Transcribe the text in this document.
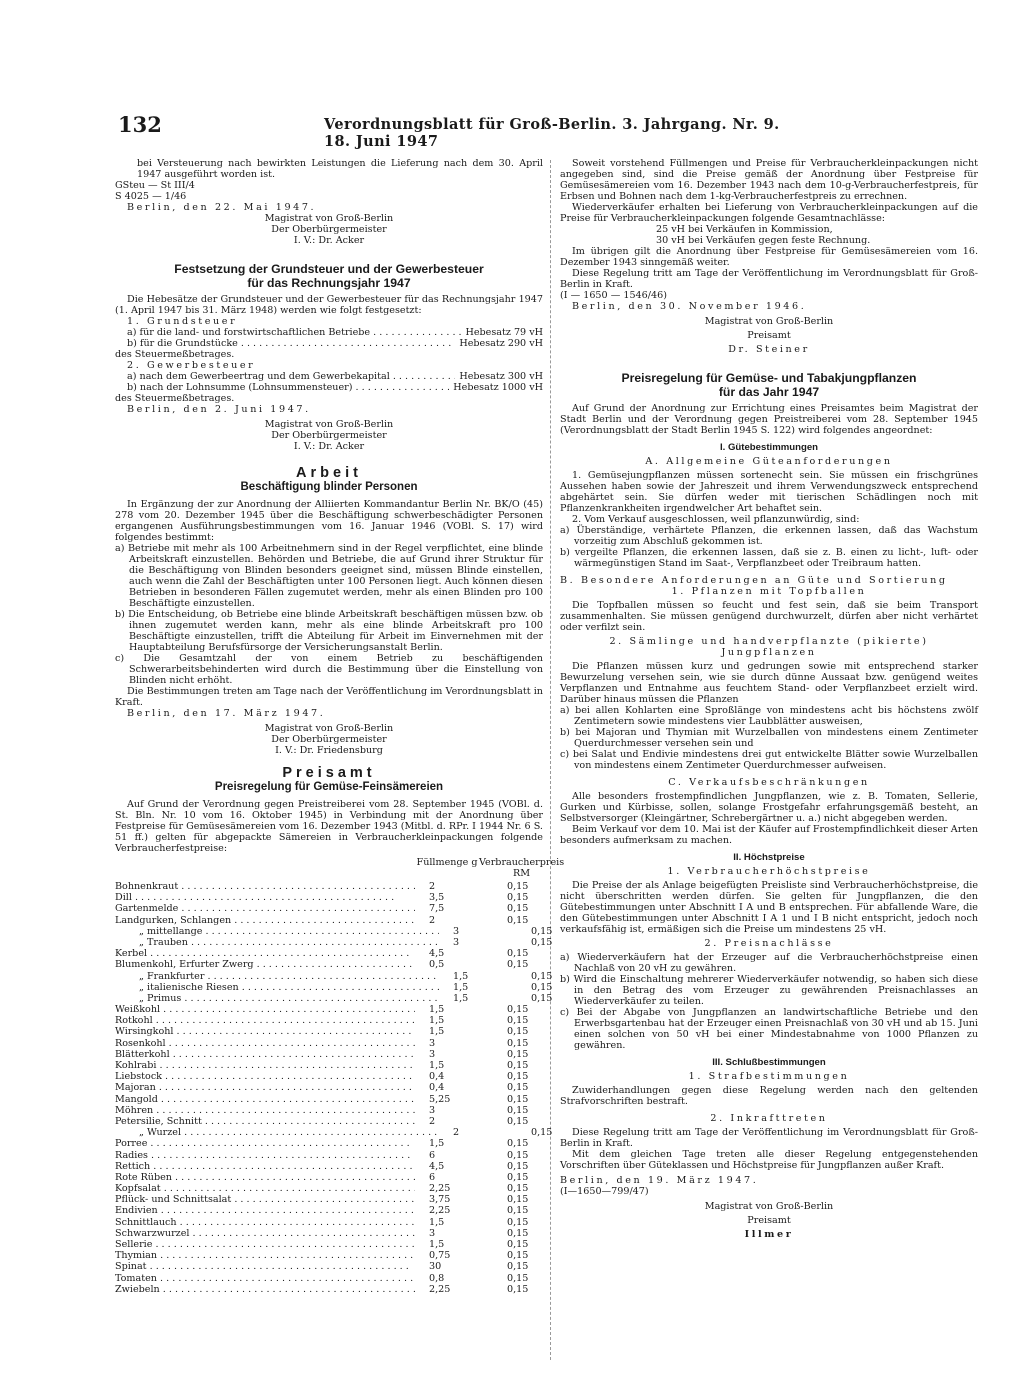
132	Verordnungsblatt für Groß-Berlin. 3. Jahrgang. Nr. 9. 18. Juni 1947

bei Versteuerung nach bewirkten Leistungen die Lieferung nach dem 30. April 1947 ausgeführt worden ist.

GSteu — St III/4

S 4025 — 1/46

Berlin, den 22. Mai 1947.

Magistrat von Groß-Berlin

Der Oberbürgermeister

I. V.: Dr. Acker

Festsetzung der Grundsteuer und der Gewerbesteuer

für das Rechnungsjahr 1947

Die Hebesätze der Grundsteuer und der Gewerbesteuer für das Rechnungsjahr 1947 (1. April 1947 bis 31. März 1948) werden wie folgt festgesetzt:

1. Grundsteuer

a) für die land- und forstwirtschaftlichen Betriebe . . .	Hebesatz 79 vH
b) für die Grundstücke . . .	Hebesatz 290 vH

des Steuermeßbetrages.

2. Gewerbesteuer

a) nach dem Gewerbeertrag und dem Gewerbekapital . . .	Hebesatz 300 vH
b) nach der Lohnsumme (Lohnsummensteuer) . . .	Hebesatz 1000 vH

des Steuermeßbetrages.

Berlin, den 2. Juni 1947.

Magistrat von Groß-Berlin

Der Oberbürgermeister

I. V.: Dr. Acker

Arbeit

Beschäftigung blinder Personen

In Ergänzung der zur Anordnung der Alliierten Kommandantur Berlin Nr. BK/O (45) 278 vom 20. Dezember 1945 über die Beschäftigung schwerbeschädigter Personen ergangenen Ausführungsbestimmungen vom 16. Januar 1946 (VOBl. S. 17) wird folgendes bestimmt:

a) Betriebe mit mehr als 100 Arbeitnehmern sind in der Regel verpflichtet, eine blinde Arbeitskraft einzustellen. Behörden und Betriebe, die auf Grund ihrer Struktur für die Beschäftigung von Blinden besonders geeignet sind, müssen Blinde einstellen, auch wenn die Zahl der Beschäftigten unter 100 Personen liegt. Auch können diesen Betrieben in besonderen Fällen zugemutet werden, mehr als einen Blinden pro 100 Beschäftigte einzustellen.

b) Die Entscheidung, ob Betriebe eine blinde Arbeitskraft beschäftigen müssen bzw. ob ihnen zugemutet werden kann, mehr als eine blinde Arbeitskraft pro 100 Beschäftigte einzustellen, trifft die Abteilung für Arbeit im Einvernehmen mit der Hauptabteilung Berufsfürsorge der Versicherungsanstalt Berlin.

c) Die Gesamtzahl der von einem Betrieb zu beschäftigenden Schwerarbeitsbehinderten wird durch die Bestimmung über die Einstellung von Blinden nicht erhöht.

Die Bestimmungen treten am Tage nach der Veröffentlichung im Verordnungsblatt in Kraft.

Berlin, den 17. März 1947.

Magistrat von Groß-Berlin

Der Oberbürgermeister

I. V.: Dr. Friedensburg

Preisamt

Preisregelung für Gemüse-Feinsämereien

Auf Grund der Verordnung gegen Preistreiberei vom 28. September 1945 (VOBl. d. St. Bln. Nr. 10 vom 16. Oktober 1945) in Verbindung mit der Anordnung über Festpreise für Gemüsesämereien vom 16. Dezember 1943 (Mitbl. d. RPr. I 1944 Nr. 6 S. 51 ff.) gelten für abgepackte Sämereien in Verbraucherkleinpackungen folgende Verbraucherfestpreise:

Füllmenge g Verbraucherpreis RM
Bohnenkraut . . .	2	0,15
Dill . . .	3,5	0,15
Gartenmelde . . .	7,5	0,15
Landgurken, Schlangen . . .	2	0,15
„ mittellange . . .	3	0,15
„ Trauben . . .	3	0,15
Kerbel . . .	4,5	0,15
Blumenkohl, Erfurter Zwerg . . .	0,5	0,15
„ Frankfurter . . .	1,5	0,15
„ italienische Riesen . . .	1,5	0,15
„ Primus . . .	1,5	0,15
Weißkohl . . .	1,5	0,15
Rotkohl . . .	1,5	0,15
Wirsingkohl . . .	1,5	0,15
Rosenkohl . . .	3	0,15
Blätterkohl . . .	3	0,15
Kohlrabi . . .	1,5	0,15
Liebstock . . .	0,4	0,15
Majoran . . .	0,4	0,15
Mangold . . .	5,25	0,15
Möhren . . .	3	0,15
Petersilie, Schnitt . . .	2	0,15
„ Wurzel . . .	2	0,15
Porree . . .	1,5	0,15
Radies . . .	6	0,15
Rettich . . .	4,5	0,15
Rote Rüben . . .	6	0,15
Kopfsalat . . .	2,25	0,15
Pflück- und Schnittsalat . . .	3,75	0,15
Endivien . . .	2,25	0,15
Schnittlauch . . .	1,5	0,15
Schwarzwurzel . . .	3	0,15
Sellerie . . .	1,5	0,15
Thymian . . .	0,75	0,15
Spinat . . .	30	0,15
Tomaten . . .	0,8	0,15
Zwiebeln . . .	2,25	0,15

Soweit vorstehend Füllmengen und Preise für Verbraucherkleinpackungen nicht angegeben sind, sind die Preise gemäß der Anordnung über Festpreise für Gemüsesämereien vom 16. Dezember 1943 nach dem 10-g-Verbraucherfestpreis, für Erbsen und Bohnen nach dem 1-kg-Verbraucherfestpreis zu errechnen.

Wiederverkäufer erhalten bei Lieferung von Verbraucherkleinpackungen auf die Preise für Verbraucherkleinpackungen folgende Gesamtnachlässe:

25 vH bei Verkäufen in Kommission,

30 vH bei Verkäufen gegen feste Rechnung.

Im übrigen gilt die Anordnung über Festpreise für Gemüsesämereien vom 16. Dezember 1943 sinngemäß weiter.

Diese Regelung tritt am Tage der Veröffentlichung im Verordnungsblatt für Groß-Berlin in Kraft.

(I — 1650 — 1546/46)

Berlin, den 30. November 1946.

Magistrat von Groß-Berlin

Preisamt

Dr. Steiner

Preisregelung für Gemüse- und Tabakjungpflanzen

für das Jahr 1947

Auf Grund der Anordnung zur Errichtung eines Preisamtes beim Magistrat der Stadt Berlin und der Verordnung gegen Preistreiberei vom 28. September 1945 (Verordnungsblatt der Stadt Berlin 1945 S. 122) wird folgendes angeordnet:

I. Gütebestimmungen

A. Allgemeine Güteanforderungen

1. Gemüsejungpflanzen müssen sortenecht sein. Sie müssen ein frischgrünes Aussehen haben sowie der Jahreszeit und ihrem Verwendungszweck entsprechend abgehärtet sein. Sie dürfen weder mit tierischen Schädlingen noch mit Pflanzenkrankheiten irgendwelcher Art behaftet sein.

2. Vom Verkauf ausgeschlossen, weil pflanzunwürdig, sind:

a) Überständige, verhärtete Pflanzen, die erkennen lassen, daß das Wachstum vorzeitig zum Abschluß gekommen ist.

b) vergeilte Pflanzen, die erkennen lassen, daß sie z. B. einen zu licht-, luft- oder wärmegünstigen Stand im Saat-, Verpflanzbeet oder Treibraum hatten.

B. Besondere Anforderungen an Güte und Sortierung

1. Pflanzen mit Topfballen

Die Topfballen müssen so feucht und fest sein, daß sie beim Transport zusammenhalten. Sie müssen genügend durchwurzelt, dürfen aber nicht verhärtet oder verfilzt sein.

2. Sämlinge und handverpflanzte (pikierte) Jungpflanzen

Die Pflanzen müssen kurz und gedrungen sowie mit entsprechend starker Bewurzelung versehen sein, wie sie durch dünne Aussaat bzw. genügend weites Verpflanzen und Entnahme aus feuchtem Stand- oder Verpflanzbeet erzielt wird. Darüber hinaus müssen die Pflanzen

a) bei allen Kohlarten eine Sproßlänge von mindestens acht bis höchstens zwölf Zentimetern sowie mindestens vier Laubblätter ausweisen,

b) bei Majoran und Thymian mit Wurzelballen von mindestens einem Zentimeter Querdurchmesser versehen sein und

c) bei Salat und Endivie mindestens drei gut entwickelte Blätter sowie Wurzelballen von mindestens einem Zentimeter Querdurchmesser aufweisen.

C. Verkaufsbeschränkungen

Alle besonders frostempfindlichen Jungpflanzen, wie z. B. Tomaten, Sellerie, Gurken und Kürbisse, sollen, solange Frostgefahr erfahrungsgemäß besteht, an Selbstversorger (Kleingärtner, Schrebergärtner u. a.) nicht abgegeben werden.

Beim Verkauf vor dem 10. Mai ist der Käufer auf Frostempfindlichkeit dieser Arten besonders aufmerksam zu machen.

II. Höchstpreise

1. Verbraucherhöchstpreise

Die Preise der als Anlage beigefügten Preisliste sind Verbraucherhöchstpreise, die nicht überschritten werden dürfen. Sie gelten für Jungpflanzen, die den Gütebestimmungen unter Abschnitt I A und B entsprechen. Für abfallende Ware, die den Gütebestimmungen unter Abschnitt I A 1 und I B nicht entspricht, jedoch noch verkaufsfähig ist, ermäßigen sich die Preise um mindestens 25 vH.

2. Preisnachlässe

a) Wiederverkäufern hat der Erzeuger auf die Verbraucherhöchstpreise einen Nachlaß von 20 vH zu gewähren.

b) Wird die Einschaltung mehrerer Wiederverkäufer notwendig, so haben sich diese in den Betrag des vom Erzeuger zu gewährenden Preisnachlasses an Wiederverkäufer zu teilen.

c) Bei der Abgabe von Jungpflanzen an landwirtschaftliche Betriebe und den Erwerbsgartenbau hat der Erzeuger einen Preisnachlaß von 30 vH und ab 15. Juni einen solchen von 50 vH bei einer Mindestabnahme von 1000 Pflanzen zu gewähren.

III. Schlußbestimmungen

1. Strafbestimmungen

Zuwiderhandlungen gegen diese Regelung werden nach den geltenden Strafvorschriften bestraft.

2. Inkrafttreten

Diese Regelung tritt am Tage der Veröffentlichung im Verordnungsblatt für Groß-Berlin in Kraft.

Mit dem gleichen Tage treten alle dieser Regelung entgegenstehenden Vorschriften über Güteklassen und Höchstpreise für Jungpflanzen außer Kraft.

Berlin, den 19. März 1947.

(I—1650—799/47)

Magistrat von Groß-Berlin

Preisamt

Illmer
